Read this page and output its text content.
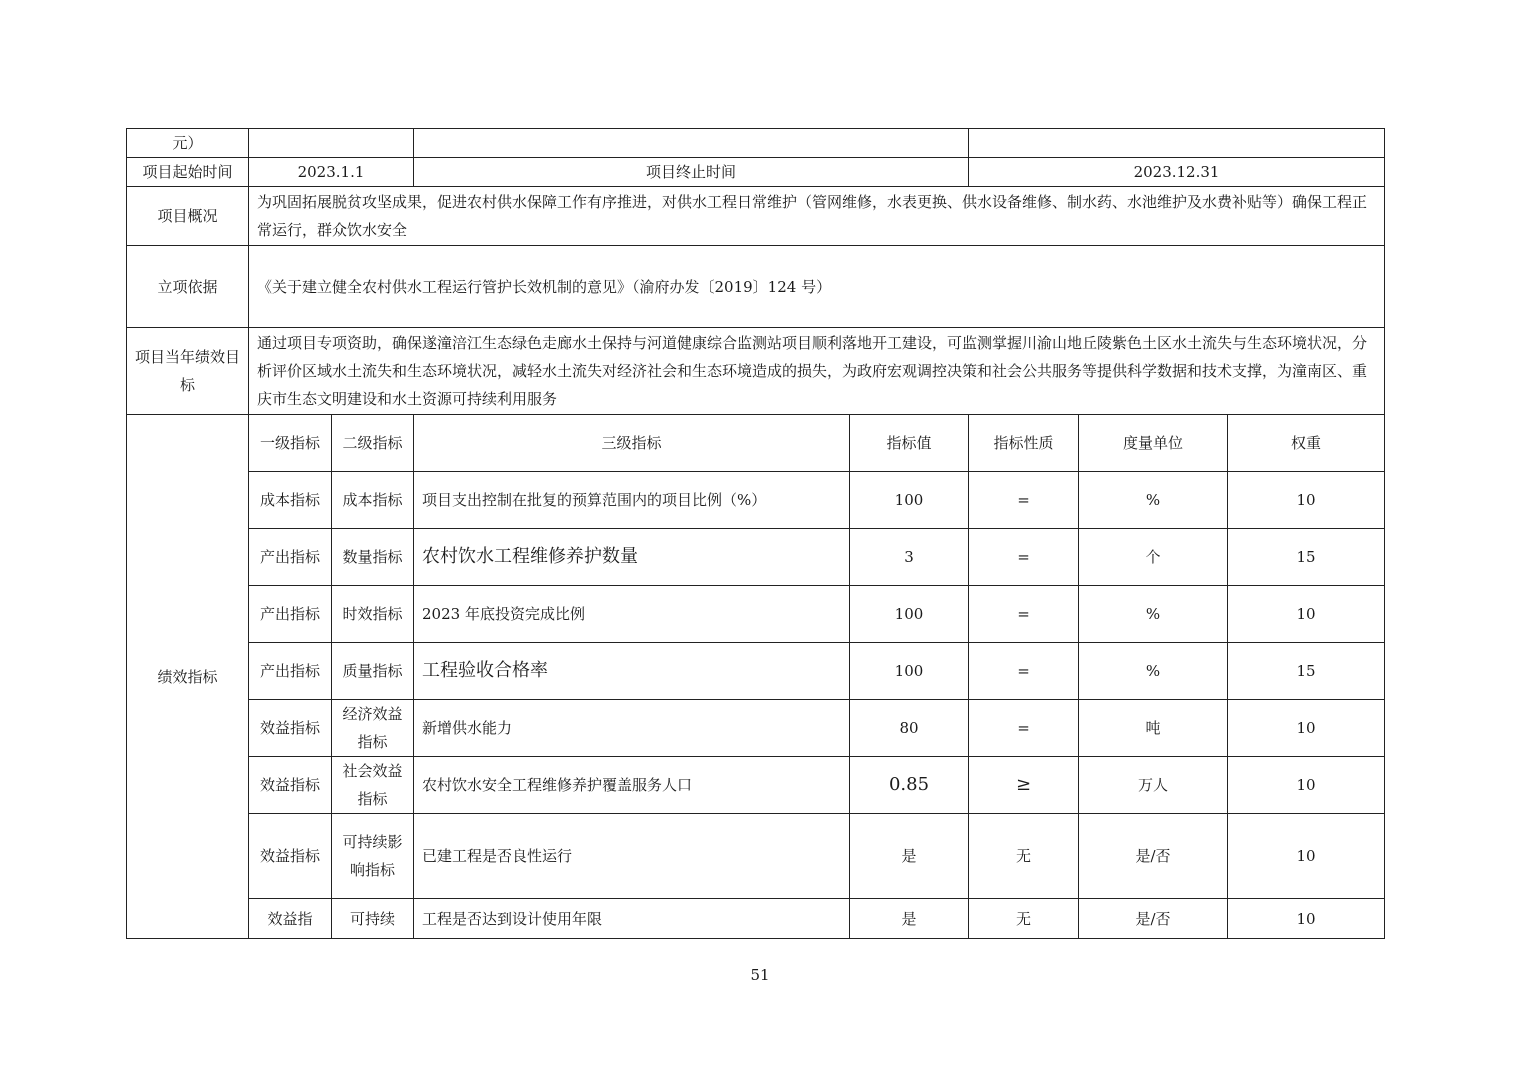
元）							
项目起始时间	2023.1.1		项目终止时间		2023.12.31		
项目概况	为巩固拓展脱贫攻坚成果，促进农村供水保障工作有序推进，对供水工程日常维护（管网维修，水表更换、供水设备维修、制水药、水池维护及水费补贴等）确保工程正常运行，群众饮水安全						
立项依据	《关于建立健全农村供水工程运行管护长效机制的意见》（渝府办发〔2019〕124 号）						
项目当年绩效目标	通过项目专项资助，确保遂潼涪江生态绿色走廊水土保持与河道健康综合监测站项目顺利落地开工建设，可监测掌握川渝山地丘陵紫色土区水土流失与生态环境状况，分析评价区域水土流失和生态环境状况，减轻水土流失对经济社会和生态环境造成的损失，为政府宏观调控决策和社会公共服务等提供科学数据和技术支撑，为潼南区、重庆市生态文明建设和水土资源可持续利用服务						
绩效指标	一级指标	二级指标	三级指标	指标值	指标性质	度量单位	权重
	成本指标	成本指标	项目支出控制在批复的预算范围内的项目比例（%）	100	=	%	10
	产出指标	数量指标	农村饮水工程维修养护数量	3	=	个	15
	产出指标	时效指标	2023 年底投资完成比例	100	=	%	10
	产出指标	质量指标	工程验收合格率	100	=	%	15
	效益指标	经济效益指标	新增供水能力	80	=	吨	10
	效益指标	社会效益指标	农村饮水安全工程维修养护覆盖服务人口	0.85	≥	万人	10
	效益指标	可持续影响指标	已建工程是否良性运行	是	无	是/否	10
	效益指	可持续	工程是否达到设计使用年限	是	无	是/否	10
51
